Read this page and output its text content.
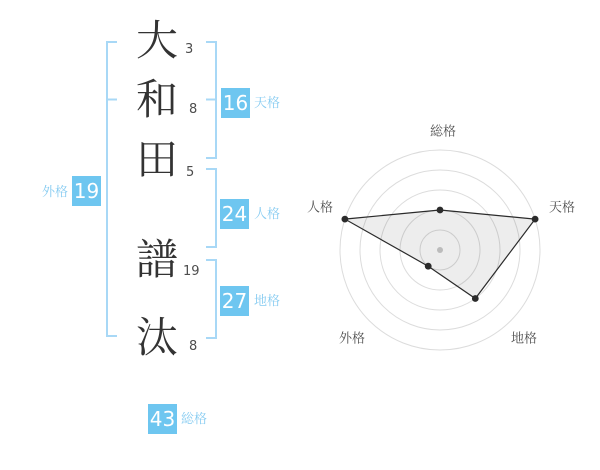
大
和
田
譜
汰
3
8
5
19
8
16 天格
24 人格
27 地格
外格 19
43 総格
総格
天格
地格
外格
人格
